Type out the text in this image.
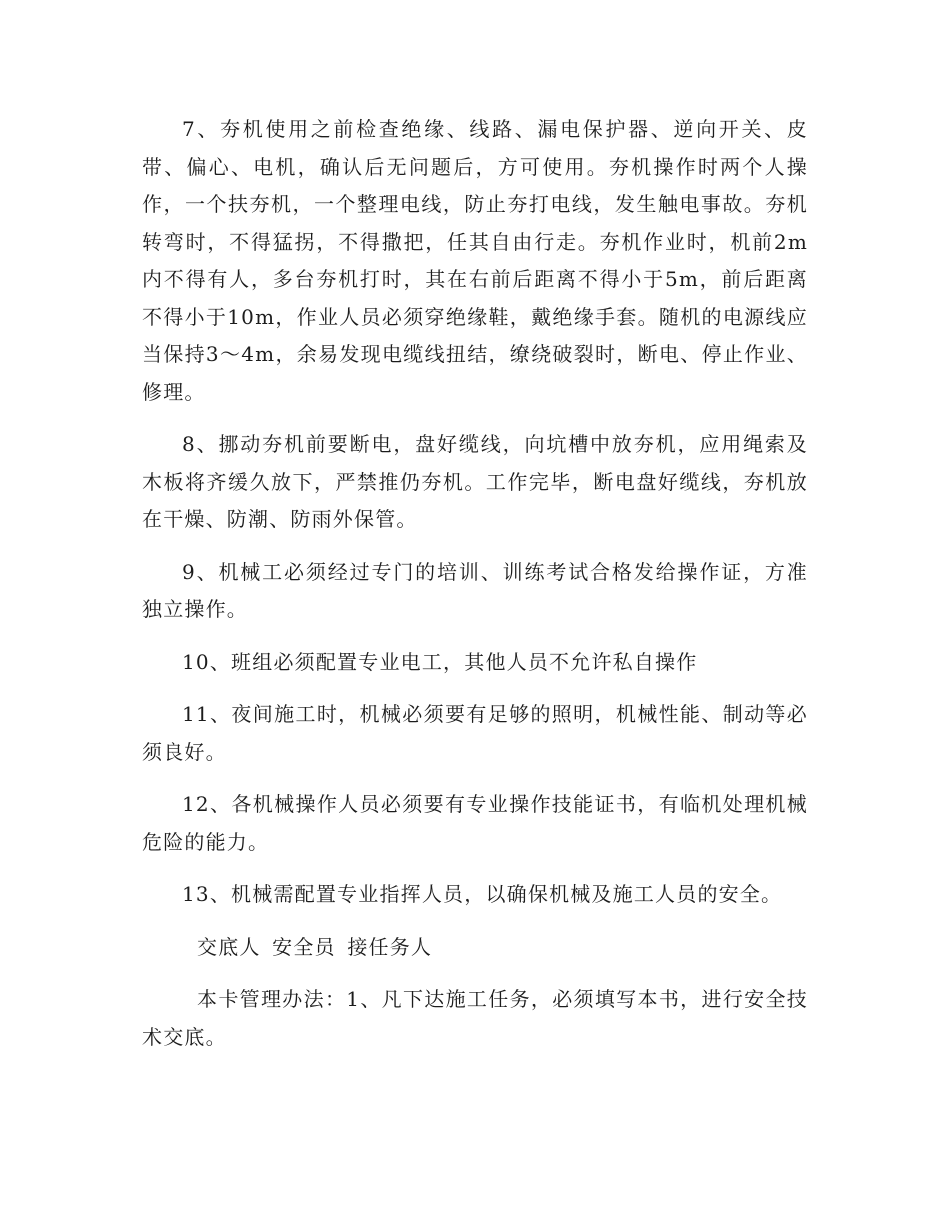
7、夯机使用之前检查绝缘、线路、漏电保护器、逆向开关、皮带、偏心、电机，确认后无问题后，方可使用。夯机操作时两个人操作，一个扶夯机，一个整理电线，防止夯打电线，发生触电事故。夯机转弯时，不得猛拐，不得撒把，任其自由行走。夯机作业时，机前2m内不得有人，多台夯机打时，其在右前后距离不得小于5m，前后距离不得小于10m，作业人员必须穿绝缘鞋，戴绝缘手套。随机的电源线应当保持3～4m，余易发现电缆线扭结，缭绕破裂时，断电、停止作业、修理。

8、挪动夯机前要断电，盘好缆线，向坑槽中放夯机，应用绳索及木板将齐缓久放下，严禁推仍夯机。工作完毕，断电盘好缆线，夯机放在干燥、防潮、防雨外保管。

9、机械工必须经过专门的培训、训练考试合格发给操作证，方准独立操作。

10、班组必须配置专业电工，其他人员不允许私自操作

11、夜间施工时，机械必须要有足够的照明，机械性能、制动等必须良好。

12、各机械操作人员必须要有专业操作技能证书，有临机处理机械危险的能力。

13、机械需配置专业指挥人员，以确保机械及施工人员的安全。

交底人 安全员 接任务人

本卡管理办法：1、凡下达施工任务，必须填写本书，进行安全技术交底。
